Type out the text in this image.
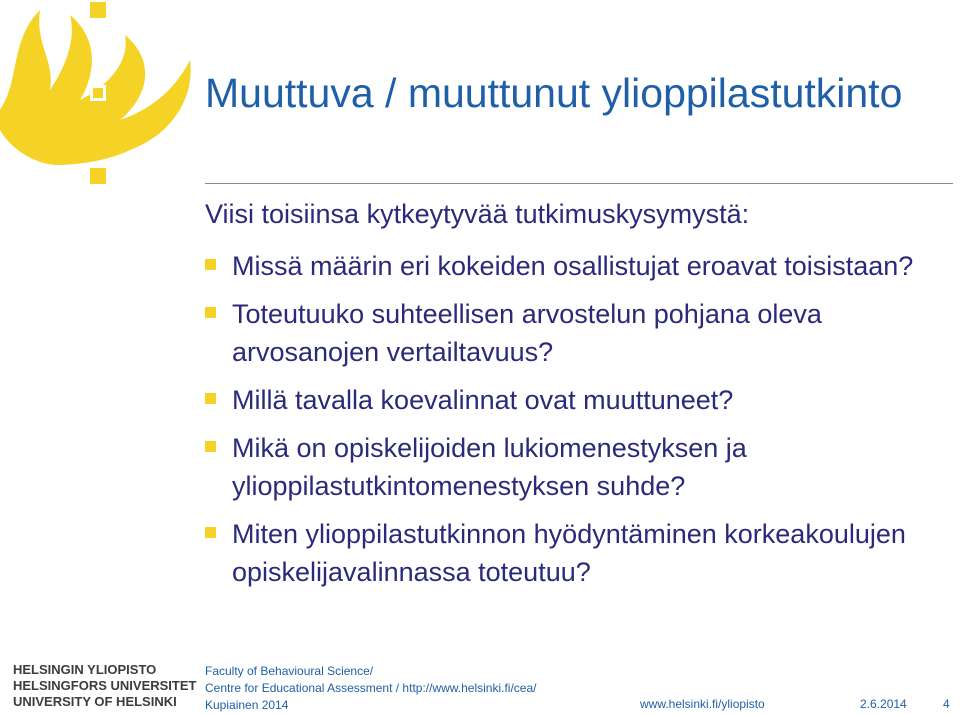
Muuttuva / muuttunut ylioppilastutkinto
Viisi toisiinsa kytkeytyvää tutkimuskysymystä:
Missä määrin eri kokeiden osallistujat eroavat toisistaan?
Toteutuuko suhteellisen arvostelun pohjana oleva arvosanojen vertailtavuus?
Millä tavalla koevalinnat ovat muuttuneet?
Mikä on opiskelijoiden lukiomenestyksen ja ylioppilastutkintomenestyksen suhde?
Miten ylioppilastutkinnon hyödyntäminen korkeakoulujen opiskelijavalinnassa toteutuu?
HELSINGIN YLIOPISTO
HELSINGFORS UNIVERSITET
UNIVERSITY OF HELSINKI
Faculty of Behavioural Science/
Centre for Educational Assessment / http://www.helsinki.fi/cea/
Kupiainen 2014	www.helsinki.fi/yliopisto	2.6.2014	4
